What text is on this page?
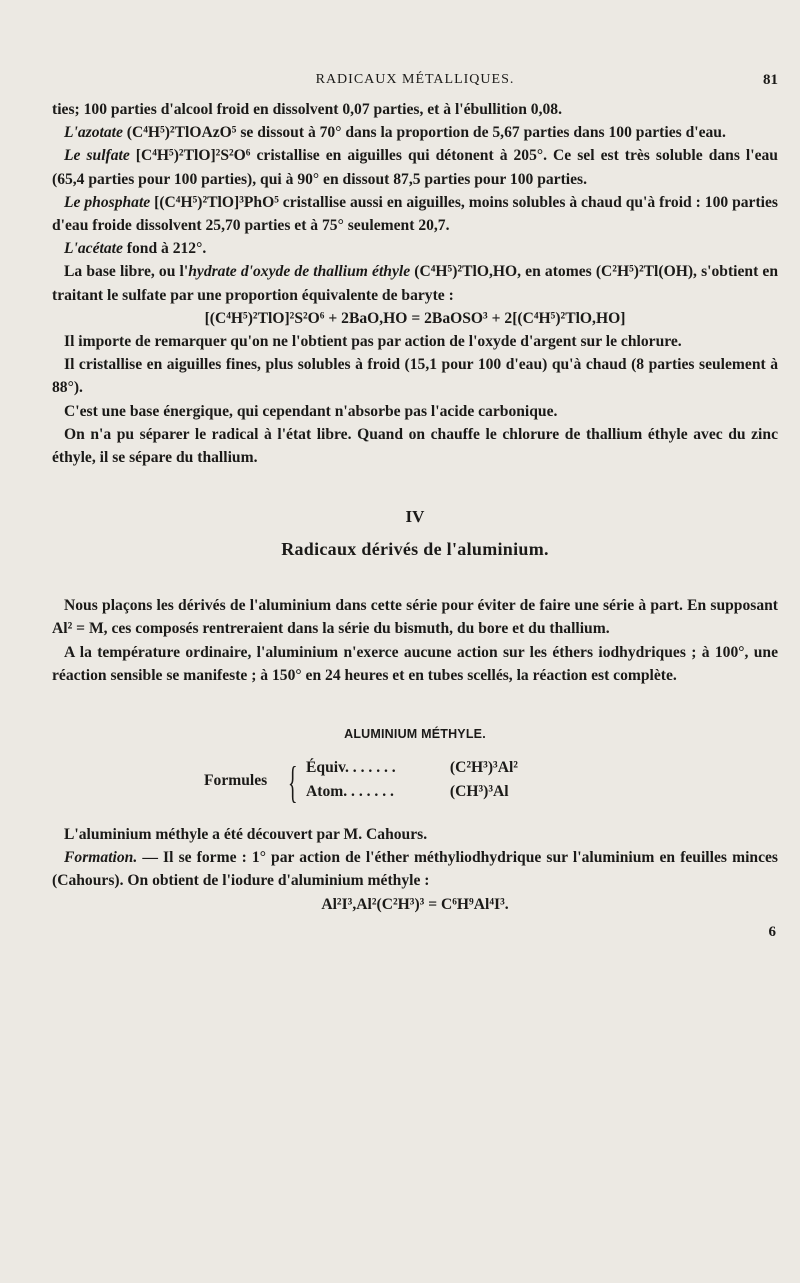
RADICAUX MÉTALLIQUES.	81

ties; 100 parties d'alcool froid en dissolvent 0,07 parties, et à l'ébullition 0,08.

L'azotate (C⁴H⁵)²TlOAzO⁵ se dissout à 70° dans la proportion de 5,67 parties dans 100 parties d'eau.

Le sulfate [C⁴H⁵)²TlO]²S²O⁶ cristallise en aiguilles qui détonent à 205°. Ce sel est très soluble dans l'eau (65,4 parties pour 100 parties), qui à 90° en dissout 87,5 parties pour 100 parties.

Le phosphate [(C⁴H⁵)²TlO]³PhO⁵ cristallise aussi en aiguilles, moins solubles à chaud qu'à froid : 100 parties d'eau froide dissolvent 25,70 parties et à 75° seulement 20,7.

L'acétate fond à 212°.

La base libre, ou l'hydrate d'oxyde de thallium éthyle (C⁴H⁵)²TlO,HO, en atomes (C²H⁵)²Tl(OH), s'obtient en traitant le sulfate par une proportion équivalente de baryte :

[(C⁴H⁵)²TlO]²S²O⁶ + 2BaO,HO = 2BaOSO³ + 2[(C⁴H⁵)²TlO,HO]

Il importe de remarquer qu'on ne l'obtient pas par action de l'oxyde d'argent sur le chlorure.

Il cristallise en aiguilles fines, plus solubles à froid (15,1 pour 100 d'eau) qu'à chaud (8 parties seulement à 88°).

C'est une base énergique, qui cependant n'absorbe pas l'acide carbonique.

On n'a pu séparer le radical à l'état libre. Quand on chauffe le chlorure de thallium éthyle avec du zinc éthyle, il se sépare du thallium.

IV
Radicaux dérivés de l'aluminium.

Nous plaçons les dérivés de l'aluminium dans cette série pour éviter de faire une série à part. En supposant Al² = M, ces composés rentreraient dans la série du bismuth, du bore et du thallium.

A la température ordinaire, l'aluminium n'exerce aucune action sur les éthers iodhydriques ; à 100°, une réaction sensible se manifeste ; à 150° en 24 heures et en tubes scellés, la réaction est complète.

ALUMINIUM MÉTHYLE.
Formules { Équiv. . . . . . .	(C²H³)³Al²
Atom. . . . . . .	(CH³)³Al

L'aluminium méthyle a été découvert par M. Cahours.

Formation. — Il se forme : 1° par action de l'éther méthyliodhydrique sur l'aluminium en feuilles minces (Cahours). On obtient de l'iodure d'aluminium méthyle :

Al²I³,Al²(C²H³)³ = C⁶H⁹Al⁴I³.
6
